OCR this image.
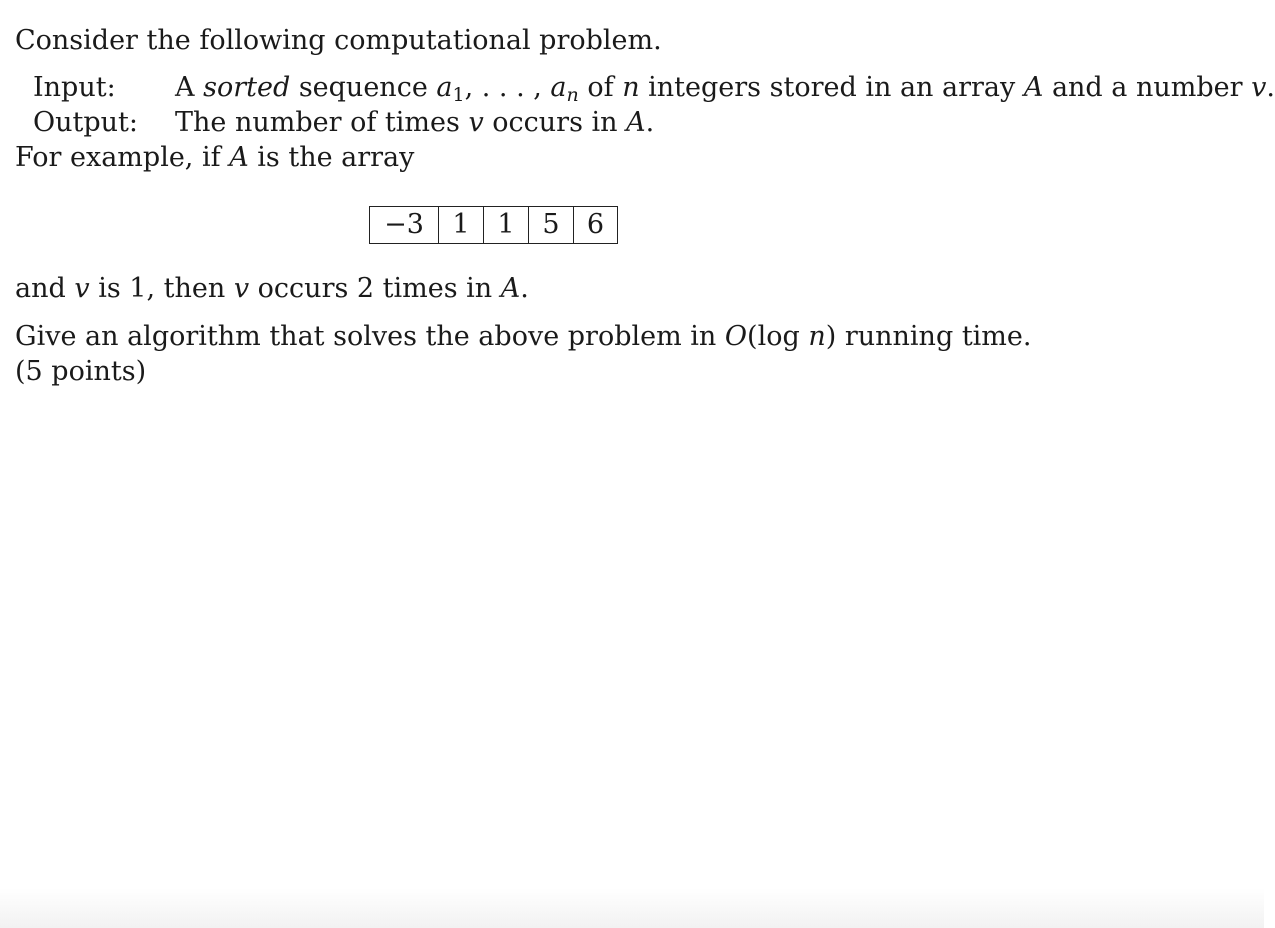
Consider the following computational problem.
Input: A sorted sequence $a_1$, . . . , $a_n$ of n integers stored in an array A and a number v.
Output: The number of times v occurs in A.
For example, if A is the array
−3	1	1	5	6
and v is 1, then v occurs 2 times in A.
Give an algorithm that solves the above problem in O(log n) running time.
(5 points)
